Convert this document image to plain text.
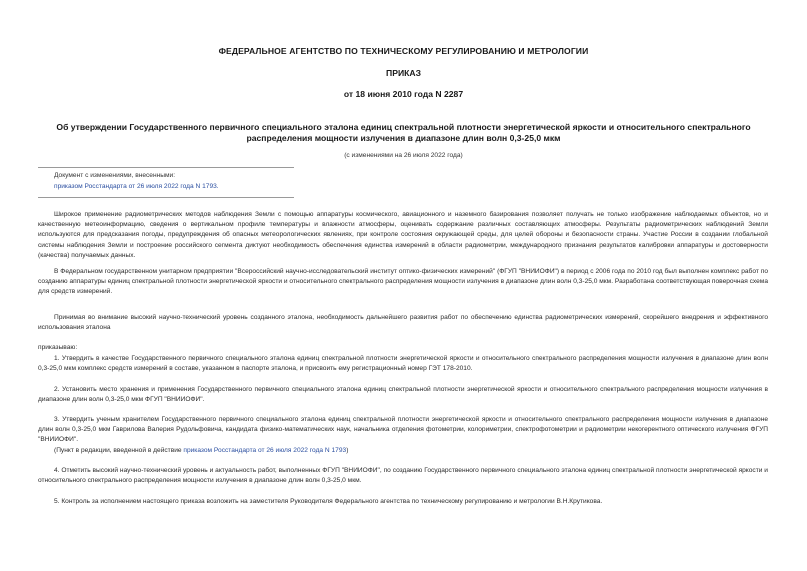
ФЕДЕРАЛЬНОЕ АГЕНТСТВО ПО ТЕХНИЧЕСКОМУ РЕГУЛИРОВАНИЮ И МЕТРОЛОГИИ
ПРИКАЗ
от 18 июня 2010 года N 2287
Об утверждении Государственного первичного специального эталона единиц спектральной плотности энергетической яркости и относительного спектрального распределения мощности излучения в диапазоне длин волн 0,3-25,0 мкм
(с изменениями на 26 июля 2022 года)
Документ с изменениями, внесенными:
приказом Росстандарта от 26 июля 2022 года N 1793.
Широкое применение радиометрических методов наблюдения Земли с помощью аппаратуры космического, авиационного и наземного базирования позволяет получать не только изображение наблюдаемых объектов, но и качественную метеоинформацию, сведения о вертикальном профиле температуры и влажности атмосферы, оценивать содержание различных составляющих атмосферы. Результаты радиометрических наблюдений Земли используются для предсказания погоды, предупреждения об опасных метеорологических явлениях, при контроле состояния окружающей среды, для целей обороны и безопасности страны. Участие России в создании глобальной системы наблюдения Земли и построение российского сегмента диктуют необходимость обеспечения единства измерений в области радиометрии, международного признания результатов калибровки аппаратуры и достоверности (качества) получаемых данных.
В Федеральном государственном унитарном предприятии "Всероссийский научно-исследовательский институт оптико-физических измерений" (ФГУП "ВНИИОФИ") в период с 2006 года по 2010 год был выполнен комплекс работ по созданию аппаратуры единиц спектральной плотности энергетической яркости и относительного спектрального распределения мощности излучения в диапазоне длин волн 0,3-25,0 мкм. Разработана соответствующая поверочная схема для средств измерений.
Принимая во внимание высокий научно-технический уровень созданного эталона, необходимость дальнейшего развития работ по обеспечению единства радиометрических измерений, скорейшего внедрения и эффективного использования эталона
приказываю:
1. Утвердить в качестве Государственного первичного специального эталона единиц спектральной плотности энергетической яркости и относительного спектрального распределения мощности излучения в диапазоне длин волн 0,3-25,0 мкм комплекс средств измерений в составе, указанном в паспорте эталона, и присвоить ему регистрационный номер ГЭТ 178-2010.
2. Установить место хранения и применения Государственного первичного специального эталона единиц спектральной плотности энергетической яркости и относительного спектрального распределения мощности излучения в диапазоне длин волн 0,3-25,0 мкм ФГУП "ВНИИОФИ".
3. Утвердить ученым хранителем Государственного первичного специального эталона единиц спектральной плотности энергетической яркости и относительного спектрального распределения мощности излучения в диапазоне длин волн 0,3-25,0 мкм Гаврилова Валерия Рудольфовича, кандидата физико-математических наук, начальника отделения фотометрии, колориметрии, спектрофотометрии и радиометрии некогерентного оптического излучения ФГУП "ВНИИОФИ".
(Пункт в редакции, введенной в действие приказом Росстандарта от 26 июля 2022 года N 1793)
4. Отметить высокий научно-технический уровень и актуальность работ, выполненных ФГУП "ВНИИОФИ", по созданию Государственного первичного специального эталона единиц спектральной плотности энергетической яркости и относительного спектрального распределения мощности излучения в диапазоне длин волн 0,3-25,0 мкм.
5. Контроль за исполнением настоящего приказа возложить на заместителя Руководителя Федерального агентства по техническому регулированию и метрологии В.Н.Крутикова.
